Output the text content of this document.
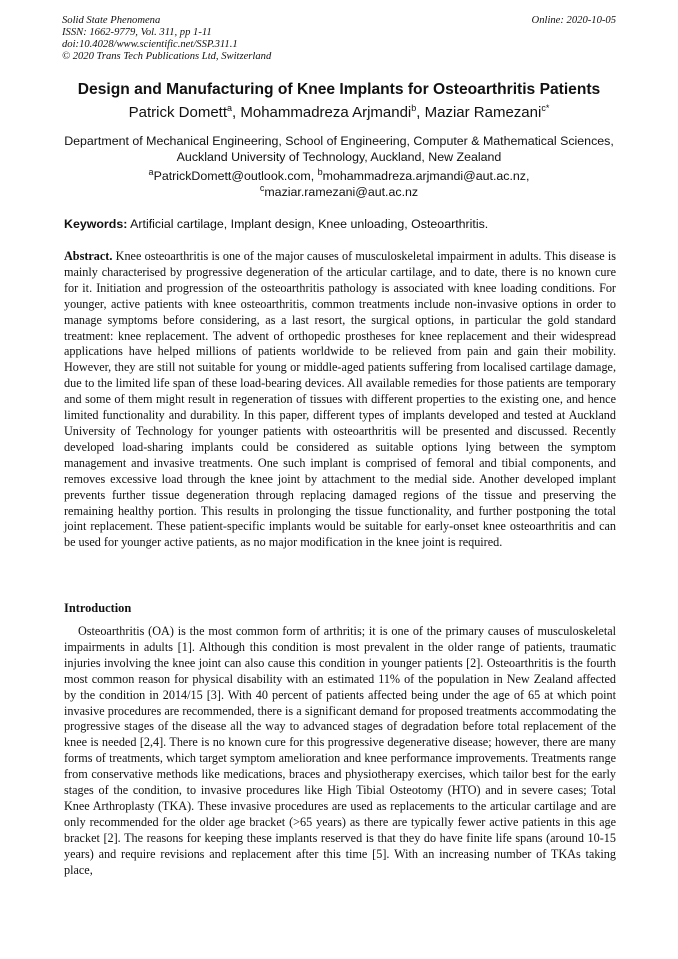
Solid State Phenomena
ISSN: 1662-9779, Vol. 311, pp 1-11
doi:10.4028/www.scientific.net/SSP.311.1
© 2020 Trans Tech Publications Ltd, Switzerland
Online: 2020-10-05
Design and Manufacturing of Knee Implants for Osteoarthritis Patients
Patrick Domett$^a$, Mohammadreza Arjmandi$^b$, Maziar Ramezani$^{c*}$
Department of Mechanical Engineering, School of Engineering, Computer & Mathematical Sciences,
Auckland University of Technology, Auckland, New Zealand
$^a$PatrickDomett@outlook.com, $^b$mohammadreza.arjmandi@aut.ac.nz,
$^c$maziar.ramezani@aut.ac.nz
Keywords: Artificial cartilage, Implant design, Knee unloading, Osteoarthritis.
Abstract. Knee osteoarthritis is one of the major causes of musculoskeletal impairment in adults. This disease is mainly characterised by progressive degeneration of the articular cartilage, and to date, there is no known cure for it. Initiation and progression of the osteoarthritis pathology is associated with knee loading conditions. For younger, active patients with knee osteoarthritis, common treatments include non-invasive options in order to manage symptoms before considering, as a last resort, the surgical options, in particular the gold standard treatment: knee replacement. The advent of orthopedic prostheses for knee replacement and their widespread applications have helped millions of patients worldwide to be relieved from pain and gain their mobility. However, they are still not suitable for young or middle-aged patients suffering from localised cartilage damage, due to the limited life span of these load-bearing devices. All available remedies for those patients are temporary and some of them might result in regeneration of tissues with different properties to the existing one, and hence limited functionality and durability. In this paper, different types of implants developed and tested at Auckland University of Technology for younger patients with osteoarthritis will be presented and discussed. Recently developed load-sharing implants could be considered as suitable options lying between the symptom management and invasive treatments. One such implant is comprised of femoral and tibial components, and removes excessive load through the knee joint by attachment to the medial side. Another developed implant prevents further tissue degeneration through replacing damaged regions of the tissue and preserving the remaining healthy portion. This results in prolonging the tissue functionality, and further postponing the total joint replacement. These patient-specific implants would be suitable for early-onset knee osteoarthritis and can be used for younger active patients, as no major modification in the knee joint is required.
Introduction
Osteoarthritis (OA) is the most common form of arthritis; it is one of the primary causes of musculoskeletal impairments in adults [1]. Although this condition is most prevalent in the older range of patients, traumatic injuries involving the knee joint can also cause this condition in younger patients [2]. Osteoarthritis is the fourth most common reason for physical disability with an estimated 11% of the population in New Zealand affected by the condition in 2014/15 [3]. With 40 percent of patients affected being under the age of 65 at which point invasive procedures are recommended, there is a significant demand for proposed treatments accommodating the progressive stages of the disease all the way to advanced stages of degradation before total replacement of the knee is needed [2,4]. There is no known cure for this progressive degenerative disease; however, there are many forms of treatments, which target symptom amelioration and knee performance improvements. Treatments range from conservative methods like medications, braces and physiotherapy exercises, which tailor best for the early stages of the condition, to invasive procedures like High Tibial Osteotomy (HTO) and in severe cases; Total Knee Arthroplasty (TKA). These invasive procedures are used as replacements to the articular cartilage and are only recommended for the older age bracket (>65 years) as there are typically fewer active patients in this age bracket [2]. The reasons for keeping these implants reserved is that they do have finite life spans (around 10-15 years) and require revisions and replacement after this time [5]. With an increasing number of TKAs taking place,
